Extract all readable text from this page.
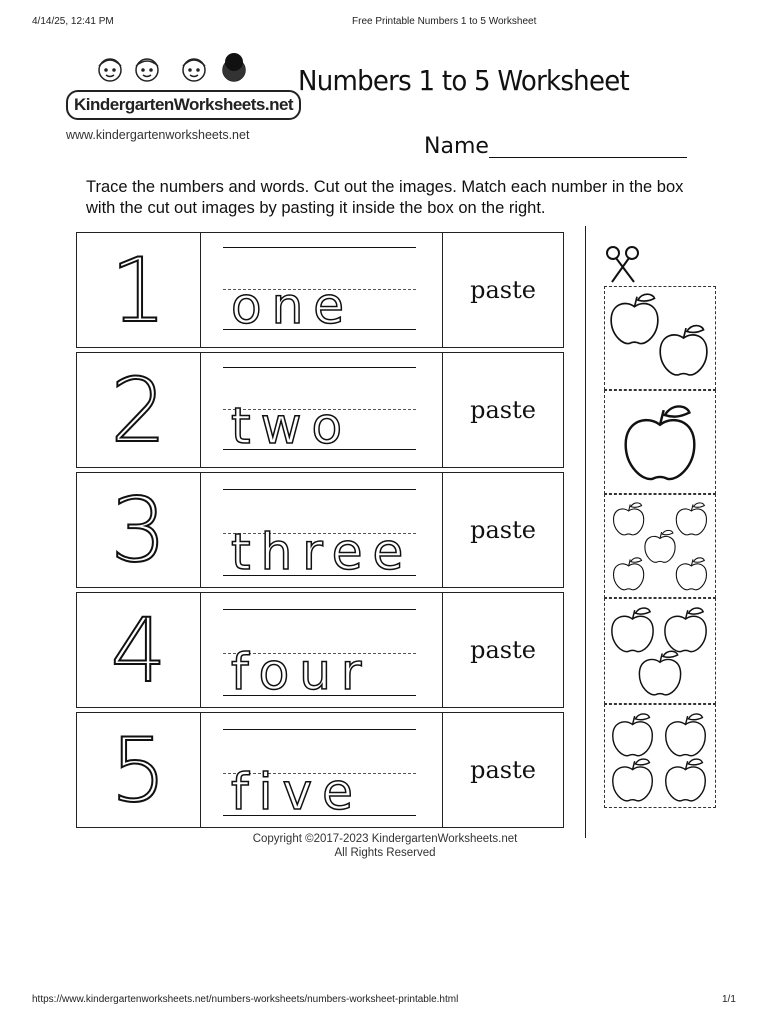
4/14/25, 12:41 PM	Free Printable Numbers 1 to 5 Worksheet
KindergartenWorksheets.net
www.kindergartenworksheets.net
Numbers 1 to 5 Worksheet
Name
Trace the numbers and words. Cut out the images. Match each number in the box with the cut out images by pasting it inside the box on the right.
1	one	paste
2	two	paste
3	three paste
4	four	paste
5	five	paste
Copyright ©2017-2023 KindergartenWorksheets.net
All Rights Reserved
https://www.kindergartenworksheets.net/numbers-worksheets/numbers-worksheet-printable.html	1/1
